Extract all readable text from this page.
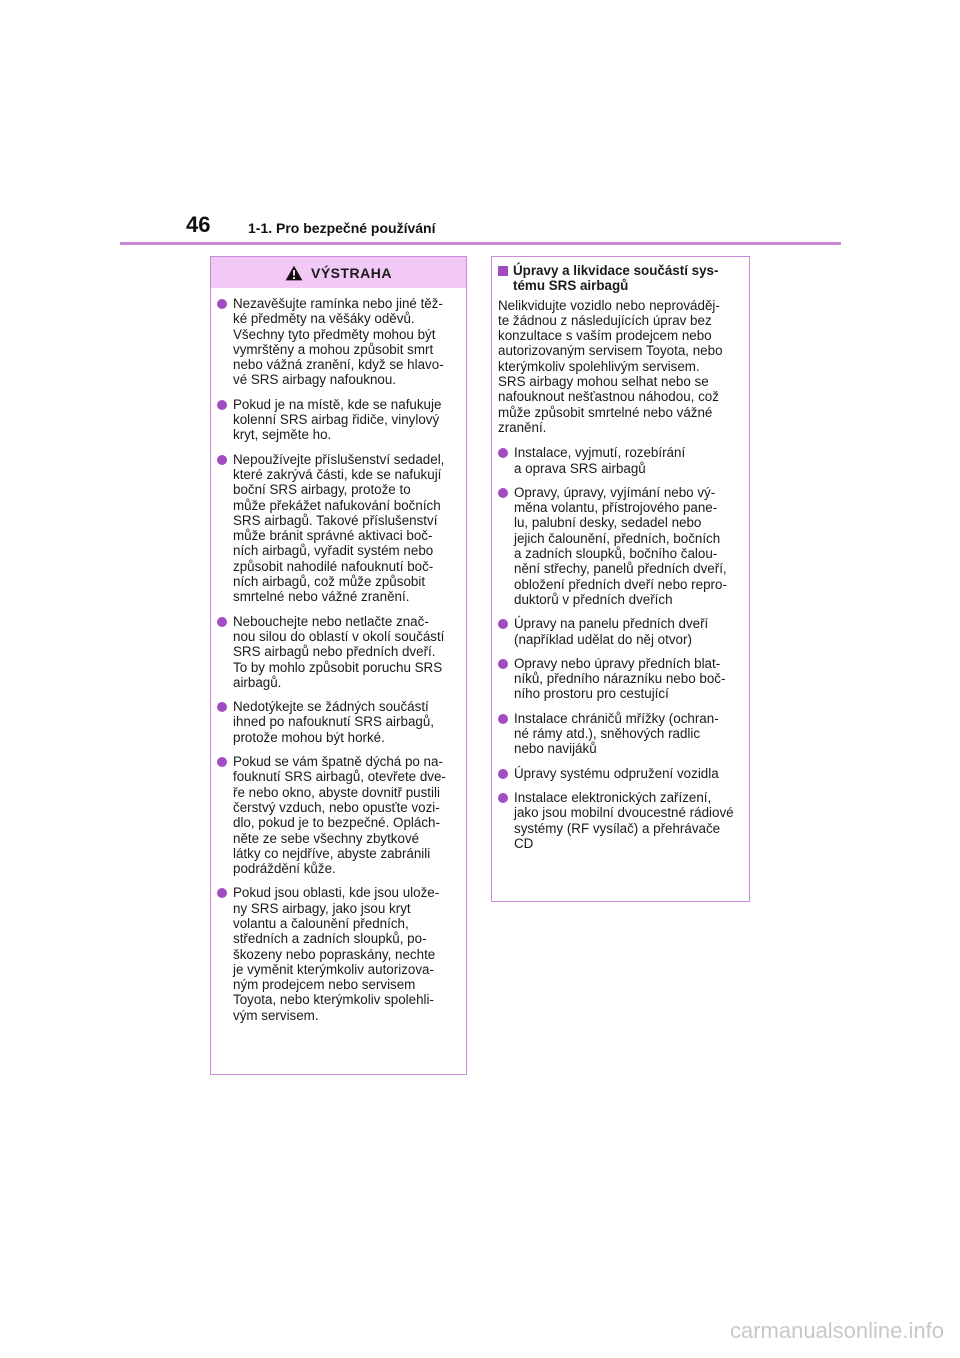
46	1-1. Pro bezpečné používání
VÝSTRAHA
Nezavěšujte ramínka nebo jiné těž-
ké předměty na věšáky oděvů.
Všechny tyto předměty mohou být
vymrštěny a mohou způsobit smrt
nebo vážná zranění, když se hlavo-
vé SRS airbagy nafouknou.
Pokud je na místě, kde se nafukuje
kolenní SRS airbag řidiče, vinylový
kryt, sejměte ho.
Nepoužívejte příslušenství sedadel,
které zakrývá části, kde se nafukují
boční SRS airbagy, protože to
může překážet nafukování bočních
SRS airbagů. Takové příslušenství
může bránit správné aktivaci boč-
ních airbagů, vyřadit systém nebo
způsobit nahodilé nafouknutí boč-
ních airbagů, což může způsobit
smrtelné nebo vážné zranění.
Nebouchejte nebo netlačte znač-
nou silou do oblastí v okolí součástí
SRS airbagů nebo předních dveří.
To by mohlo způsobit poruchu SRS
airbagů.
Nedotýkejte se žádných součástí
ihned po nafouknutí SRS airbagů,
protože mohou být horké.
Pokud se vám špatně dýchá po na-
fouknutí SRS airbagů, otevřete dve-
ře nebo okno, abyste dovnitř pustili
čerstvý vzduch, nebo opusťte vozi-
dlo, pokud je to bezpečné. Oplách-
něte ze sebe všechny zbytkové
látky co nejdříve, abyste zabránili
podráždění kůže.
Pokud jsou oblasti, kde jsou ulože-
ny SRS airbagy, jako jsou kryt
volantu a čalounění předních,
středních a zadních sloupků, po-
škozeny nebo popraskány, nechte
je vyměnit kterýmkoliv autorizova-
ným prodejcem nebo servisem
Toyota, nebo kterýmkoliv spolehli-
vým servisem.
Úpravy a likvidace součástí sys-
tému SRS airbagů
Nelikvidujte vozidlo nebo neprováděj-
te žádnou z následujících úprav bez
konzultace s vaším prodejcem nebo
autorizovaným servisem Toyota, nebo
kterýmkoliv spolehlivým servisem.
SRS airbagy mohou selhat nebo se
nafouknout nešťastnou náhodou, což
může způsobit smrtelné nebo vážné
zranění.
Instalace, vyjmutí, rozebírání
a oprava SRS airbagů
Opravy, úpravy, vyjímání nebo vý-
měna volantu, přístrojového pane-
lu, palubní desky, sedadel nebo
jejich čalounění, předních, bočních
a zadních sloupků, bočního čalou-
nění střechy, panelů předních dveří,
obložení předních dveří nebo repro-
duktorů v předních dveřích
Úpravy na panelu předních dveří
(například udělat do něj otvor)
Opravy nebo úpravy předních blat-
níků, předního nárazníku nebo boč-
ního prostoru pro cestující
Instalace chráničů mřížky (ochran-
né rámy atd.), sněhových radlic
nebo navijáků
Úpravy systému odpružení vozidla
Instalace elektronických zařízení,
jako jsou mobilní dvoucestné rádiové
systémy (RF vysílač) a přehrávače
CD
carmanualsonline.info
